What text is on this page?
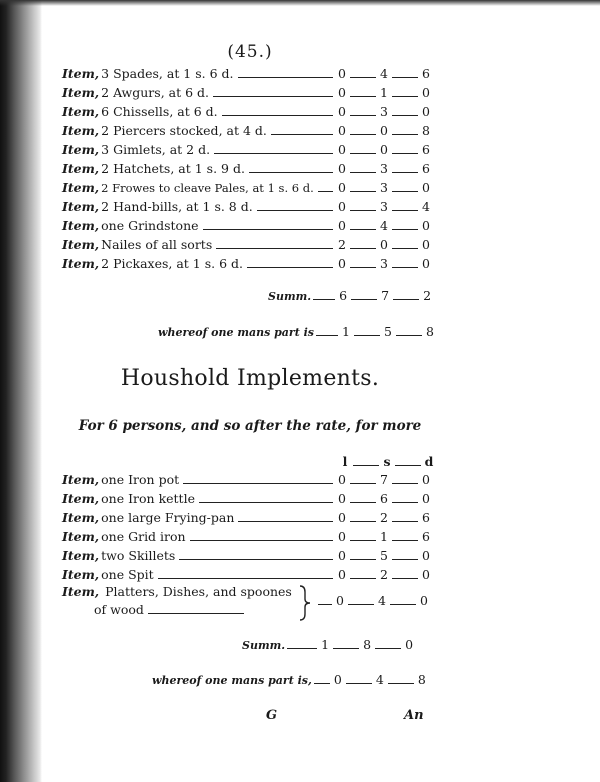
(45.)
Item, 3 Spades, at 1 s. 6 d.	0	4	6
Item, 2 Awgurs, at 6 d.	0	1	0
Item, 6 Chissells, at 6 d.	0	3	0
Item, 2 Piercers stocked, at 4 d.	0	0	8
Item, 3 Gimlets, at 2 d.	0	0	6
Item, 2 Hatchets, at 1 s. 9 d.	0	3	6
Item, 2 Frowes to cleave Pales, at 1 s. 6 d. 0	3	0
Item, 2 Hand-bills, at 1 s. 8 d.	0	3	4
Item, one Grindstone	0	4	0
Item, Nailes of all sorts	2	0	0
Item, 2 Pickaxes, at 1 s. 6 d.	0	3	0
Summ. 6	7	2
whereof one mans part is 1	5	8
Houshold Implements.
For 6 persons, and so after the rate, for more
l	s	d
Item, one Iron pot	0	7	0
Item, one Iron kettle	0	6	0
Item, one large Frying-pan	0	2	6
Item, one Grid iron	0	1	6
Item, two Skillets	0	5	0
Item, one Spit	0	2	0
Item, Platters, Dishes, and spoones
of wood
0	4	0
Summ.	1	8	0
whereof one mans part is, 0	4	8
G	An
